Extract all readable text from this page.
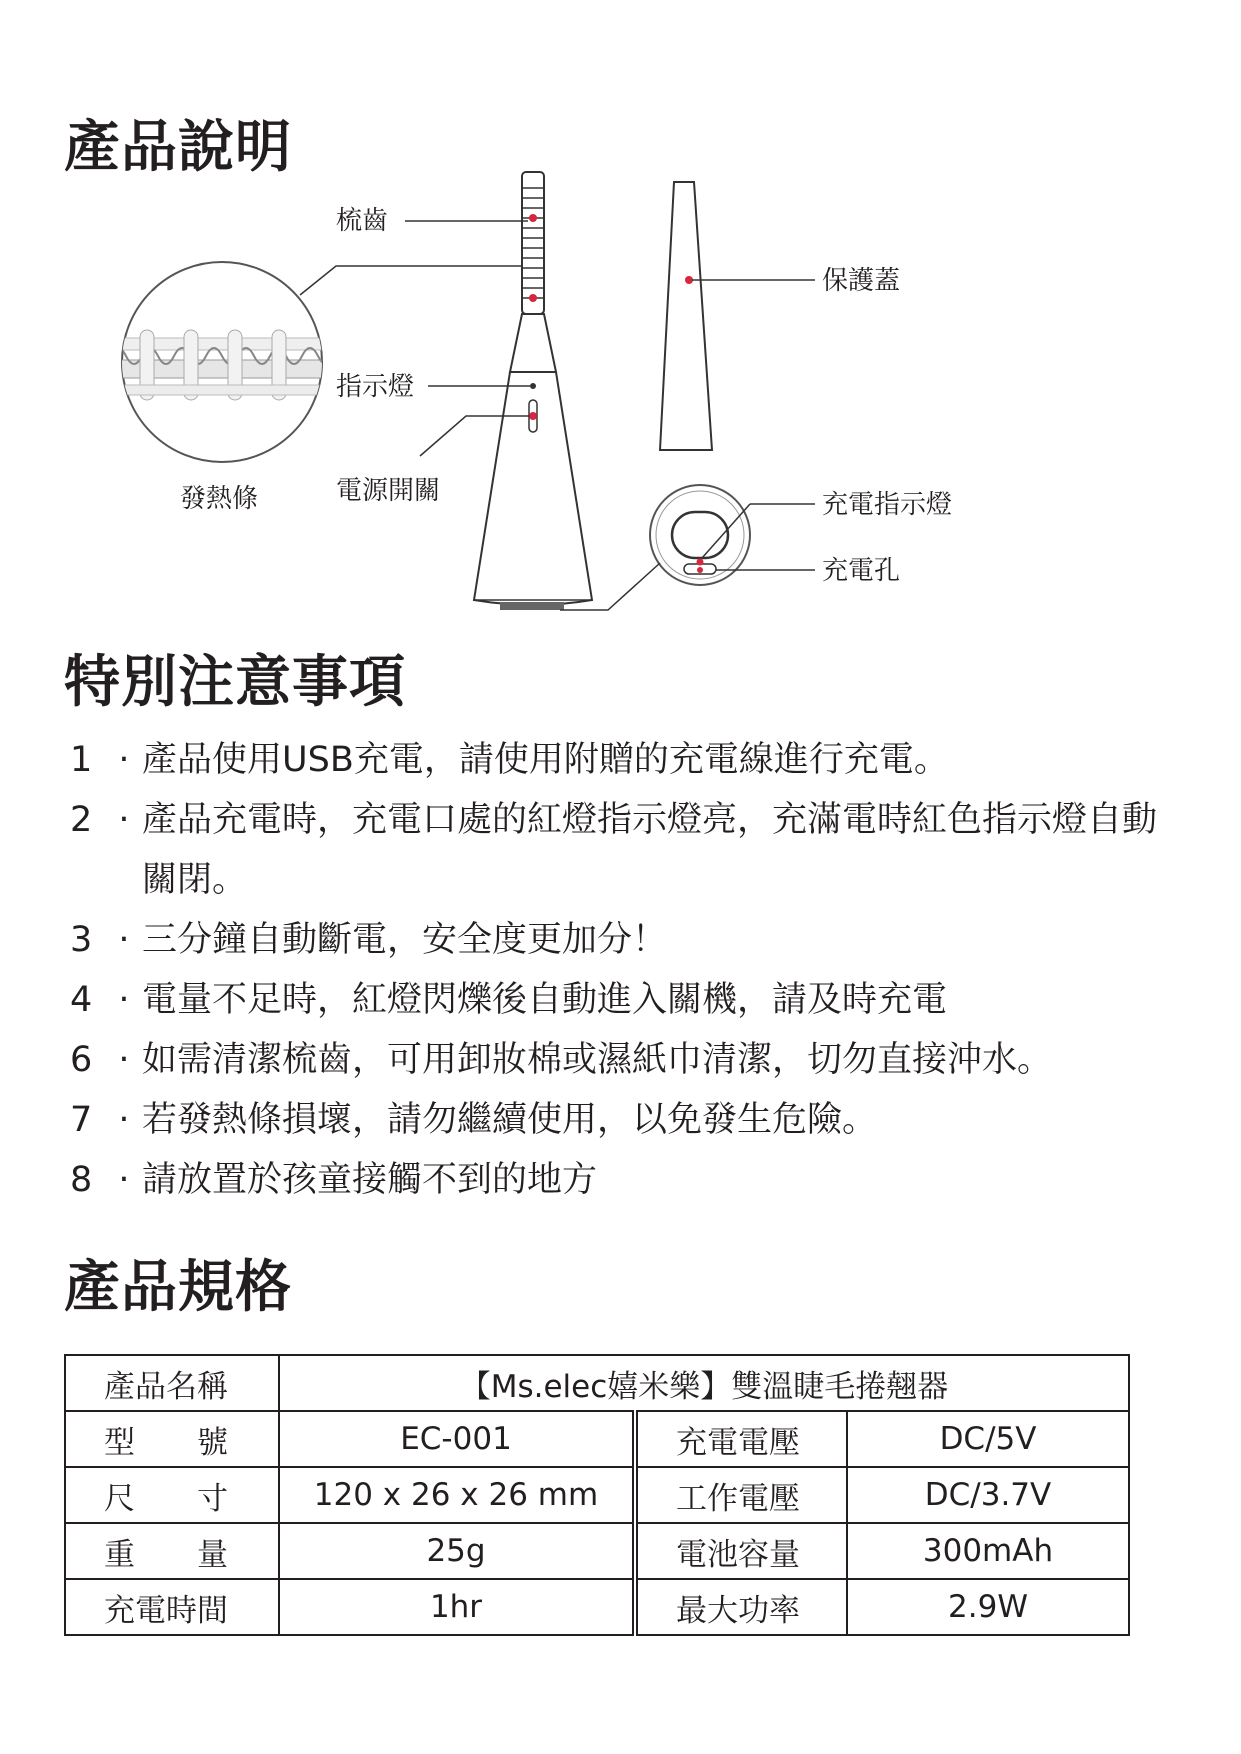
產品說明
梳齒
指示燈
電源開關
發熱條
保護蓋
充電指示燈
充電孔
特別注意事項
1 · 產品使用USB充電，請使用附贈的充電線進行充電。
2 · 產品充電時，充電口處的紅燈指示燈亮，充滿電時紅色指示燈自動關閉。
3 · 三分鐘自動斷電，安全度更加分！
4 · 電量不足時，紅燈閃爍後自動進入關機，請及時充電
6 · 如需清潔梳齒，可用卸妝棉或濕紙巾清潔，切勿直接沖水。
7 · 若發熱條損壞，請勿繼續使用，以免發生危險。
8 · 請放置於孩童接觸不到的地方
產品規格
產品名稱	【Ms.elec嬉米樂】雙溫睫毛捲翹器		
型　　號	EC-001	充電電壓	DC/5V
尺　　寸	120 x 26 x 26 mm	工作電壓	DC/3.7V
重　　量	25g	電池容量	300mAh
充電時間	1hr	最大功率	2.9W
